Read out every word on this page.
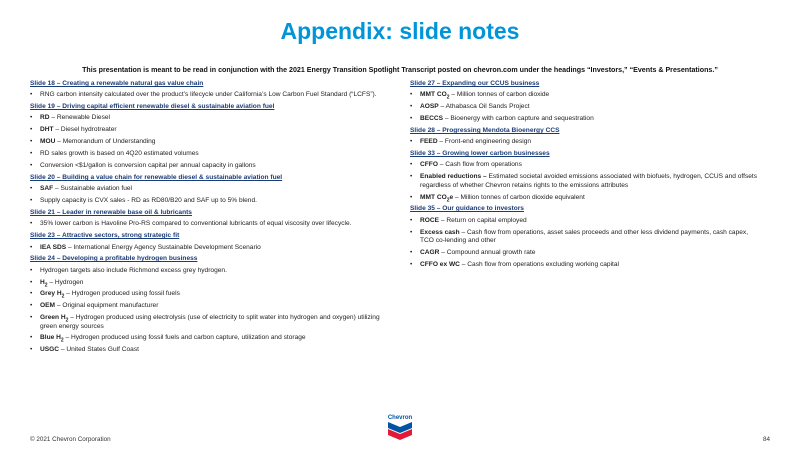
Appendix: slide notes
This presentation is meant to be read in conjunction with the 2021 Energy Transition Spotlight Transcript posted on chevron.com under the headings “Investors,” “Events & Presentations.”
Slide 18 – Creating a renewable natural gas value chain
• RNG carbon intensity calculated over the product’s lifecycle under California’s Low Carbon Fuel Standard (“LCFS”).
Slide 19 – Driving capital efficient renewable diesel & sustainable aviation fuel
• RD – Renewable Diesel
• DHT – Diesel hydrotreater
• MOU – Memorandum of Understanding
• RD sales growth is based on 4Q20 estimated volumes
• Conversion <$1/gallon is conversion capital per annual capacity in gallons
Slide 20 – Building a value chain for renewable diesel & sustainable aviation fuel
• SAF – Sustainable aviation fuel
• Supply capacity is CVX sales - RD as RD80/B20 and SAF up to 5% blend.
Slide 21 – Leader in renewable base oil & lubricants
• 35% lower carbon is Havoline Pro-RS compared to conventional lubricants of equal viscosity over lifecycle.
Slide 23 – Attractive sectors, strong strategic fit
• IEA SDS – International Energy Agency Sustainable Development Scenario
Slide 24 – Developing a profitable hydrogen business
• Hydrogen targets also include Richmond excess grey hydrogen.
• $H_2$ – Hydrogen
• Grey $H_2$ – Hydrogen produced using fossil fuels
• OEM – Original equipment manufacturer
• Green $H_2$ – Hydrogen produced using electrolysis (use of electricity to split water into hydrogen and oxygen) utilizing green energy sources
• Blue $H_2$ – Hydrogen produced using fossil fuels and carbon capture, utilization and storage
• USGC – United States Gulf Coast
Slide 27 – Expanding our CCUS business
• MMT $CO_2$ – Million tonnes of carbon dioxide
• AOSP – Athabasca Oil Sands Project
• BECCS – Bioenergy with carbon capture and sequestration
Slide 28 – Progressing Mendota Bioenergy CCS
• FEED – Front-end engineering design
Slide 33 – Growing lower carbon businesses
• CFFO – Cash flow from operations
• Enabled reductions – Estimated societal avoided emissions associated with biofuels, hydrogen, CCUS and offsets regardless of whether Chevron retains rights to the emissions attributes
• MMT $CO_2e$ – Million tonnes of carbon dioxide equivalent
Slide 35 – Our guidance to investors
• ROCE – Return on capital employed
• Excess cash – Cash flow from operations, asset sales proceeds and other less dividend payments, cash capex, TCO co-lending and other
• CAGR – Compound annual growth rate
• CFFO ex WC – Cash flow from operations excluding working capital
Chevron
© 2021 Chevron Corporation	84
